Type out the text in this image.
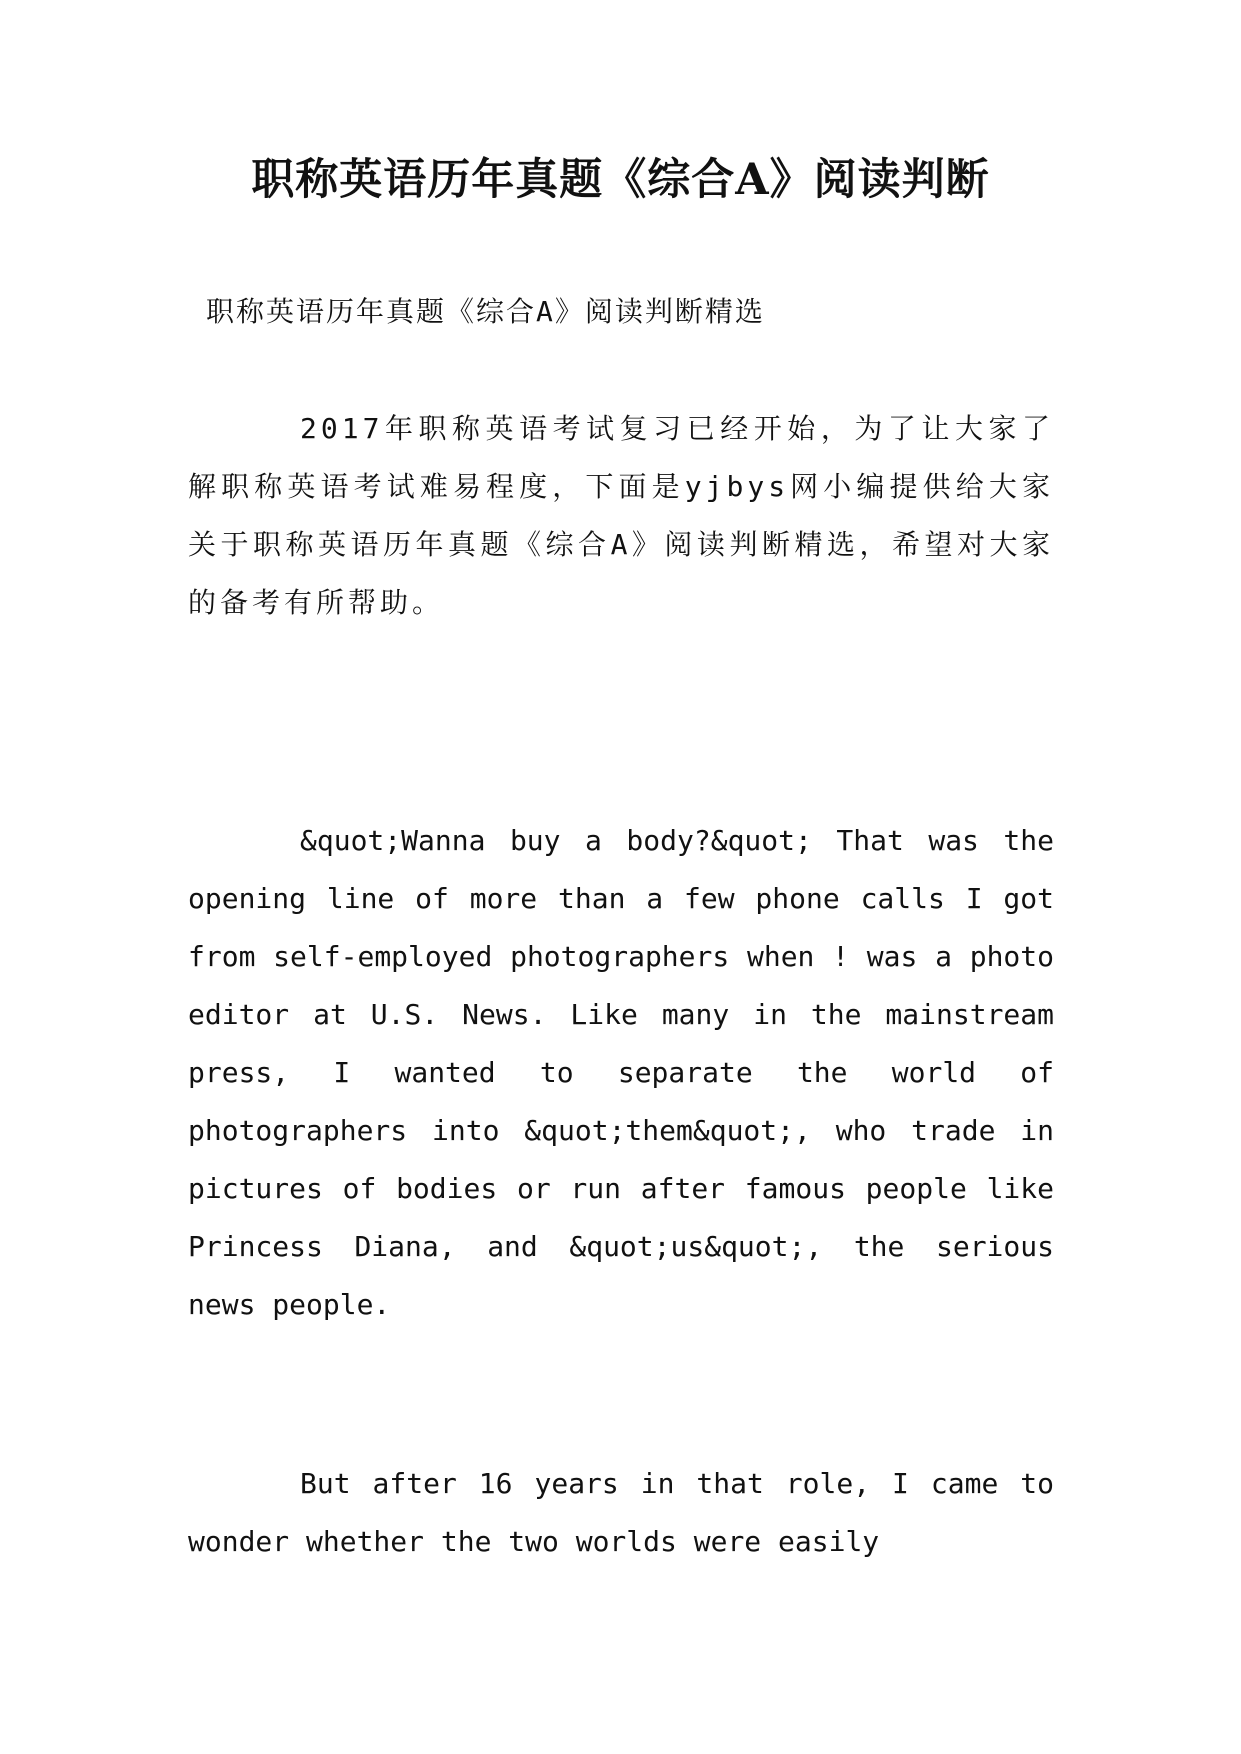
职称英语历年真题《综合A》阅读判断

职称英语历年真题《综合A》阅读判断精选

2017年职称英语考试复习已经开始，为了让大家了解职称英语考试难易程度，下面是yjbys网小编提供给大家关于职称英语历年真题《综合A》阅读判断精选，希望对大家的备考有所帮助。

&quot;Wanna buy a body?&quot; That was the opening line of more than a few phone calls I got from self-employed photographers when ! was a photo editor at U.S. News. Like many in the mainstream press, I wanted to separate the world of photographers into &quot;them&quot;, who trade in pictures of bodies or run after famous people like Princess Diana, and &quot;us&quot;, the serious news people.

But after 16 years in that role, I came to wonder whether the two worlds were easily
